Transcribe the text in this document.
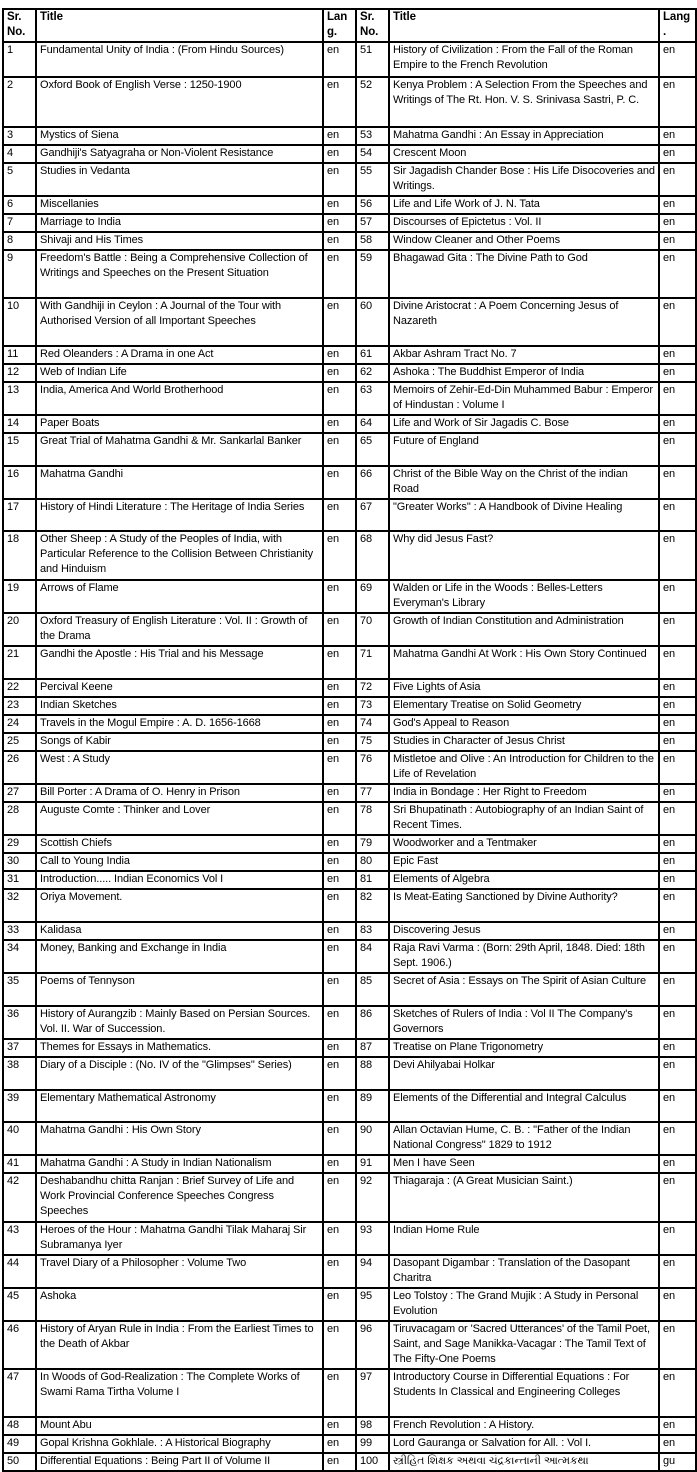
Sr. No.	Title	Lang.	Sr. No.	Title	Lang.
1	Fundamental Unity of India : (From Hindu Sources)	en	51	History of Civilization : From the Fall of the Roman Empire to the French Revolution	en
2	Oxford Book of English Verse : 1250-1900	en	52	Kenya Problem : A Selection From the Speeches and Writings of The Rt. Hon. V. S. Srinivasa Sastri, P. C.	en
3	Mystics of Siena	en	53	Mahatma Gandhi : An Essay in Appreciation	en
4	Gandhiji's Satyagraha or Non-Violent Resistance	en	54	Crescent Moon	en
5	Studies in Vedanta	en	55	Sir Jagadish Chander Bose : His Life Disocoveries and Writings.	en
6	Miscellanies	en	56	Life and Life Work of J. N. Tata	en
7	Marriage to India	en	57	Discourses of Epictetus : Vol. II	en
8	Shivaji and His Times	en	58	Window Cleaner and Other Poems	en
9	Freedom's Battle : Being a Comprehensive Collection of Writings and Speeches on the Present Situation	en	59	Bhagawad Gita : The Divine Path to God	en
10	With Gandhiji in Ceylon : A Journal of the Tour with Authorised Version of all Important Speeches	en	60	Divine Aristocrat : A Poem Concerning Jesus of Nazareth	en
11	Red Oleanders : A Drama in one Act	en	61	Akbar Ashram Tract No. 7	en
12	Web of Indian Life	en	62	Ashoka : The Buddhist Emperor of India	en
13	India, America And World Brotherhood	en	63	Memoirs of Zehir-Ed-Din Muhammed Babur : Emperor of Hindustan : Volume I	en
14	Paper Boats	en	64	Life and Work of Sir Jagadis C. Bose	en
15	Great Trial of Mahatma Gandhi & Mr. Sankarlal Banker	en	65	Future of England	en
16	Mahatma Gandhi	en	66	Christ of the Bible Way on the Christ of the indian Road	en
17	History of Hindi Literature : The Heritage of India Series	en	67	"Greater Works" : A Handbook of Divine Healing	en
18	Other Sheep : A Study of the Peoples of India, with Particular Reference to the Collision Between Christianity and Hinduism	en	68	Why did Jesus Fast?	en
19	Arrows of Flame	en	69	Walden or Life in the Woods : Belles-Letters Everyman's Library	en
20	Oxford Treasury of English Literature : Vol. II : Growth of the Drama	en	70	Growth of Indian Constitution and Administration	en
21	Gandhi the Apostle : His Trial and his Message	en	71	Mahatma Gandhi At Work : His Own Story Continued	en
22	Percival Keene	en	72	Five Lights of Asia	en
23	Indian Sketches	en	73	Elementary Treatise on Solid Geometry	en
24	Travels in the Mogul Empire : A. D. 1656-1668	en	74	God's Appeal to Reason	en
25	Songs of Kabir	en	75	Studies in Character of Jesus Christ	en
26	West : A Study	en	76	Mistletoe and Olive : An Introduction for Children to the Life of Revelation	en
27	Bill Porter : A Drama of O. Henry in Prison	en	77	India in Bondage : Her Right to Freedom	en
28	Auguste Comte : Thinker and Lover	en	78	Sri Bhupatinath : Autobiography of an Indian Saint of Recent Times.	en
29	Scottish Chiefs	en	79	Woodworker and a Tentmaker	en
30	Call to Young India	en	80	Epic Fast	en
31	Introduction..... Indian Economics Vol I	en	81	Elements of Algebra	en
32	Oriya Movement.	en	82	Is Meat-Eating Sanctioned by Divine Authority?	en
33	Kalidasa	en	83	Discovering Jesus	en
34	Money, Banking and Exchange in India	en	84	Raja Ravi Varma : (Born: 29th April, 1848. Died: 18th Sept. 1906.)	en
35	Poems of Tennyson	en	85	Secret of Asia : Essays on The Spirit of Asian Culture	en
36	History of Aurangzib : Mainly Based on Persian Sources. Vol. II. War of Succession.	en	86	Sketches of Rulers of India : Vol II The Company's Governors	en
37	Themes for Essays in Mathematics.	en	87	Treatise on Plane Trigonometry	en
38	Diary of a Disciple : (No. IV of the "Glimpses" Series)	en	88	Devi Ahilyabai Holkar	en
39	Elementary Mathematical Astronomy	en	89	Elements of the Differential and Integral Calculus	en
40	Mahatma Gandhi : His Own Story	en	90	Allan Octavian Hume, C. B. : "Father of the Indian National Congress" 1829 to 1912	en
41	Mahatma Gandhi : A Study in Indian Nationalism	en	91	Men I have Seen	en
42	Deshabandhu chitta Ranjan : Brief Survey of Life and Work Provincial Conference Speeches Congress Speeches	en	92	Thiagaraja : (A Great Musician Saint.)	en
43	Heroes of the Hour : Mahatma Gandhi Tilak Maharaj Sir Subramanya Iyer	en	93	Indian Home Rule	en
44	Travel Diary of a Philosopher : Volume Two	en	94	Dasopant Digambar : Translation of the Dasopant Charitra	en
45	Ashoka	en	95	Leo Tolstoy : The Grand Mujik : A Study in Personal Evolution	en
46	History of Aryan Rule in India : From the Earliest Times to the Death of Akbar	en	96	Tiruvacagam or 'Sacred Utterances' of the Tamil Poet, Saint, and Sage Manikka-Vacagar : The Tamil Text of The Fifty-One Poems	en
47	In Woods of God-Realization : The Complete Works of Swami Rama Tirtha Volume I	en	97	Introductory Course in Differential Equations : For Students In Classical and Engineering Colleges	en
48	Mount Abu	en	98	French Revolution : A History.	en
49	Gopal Krishna Gokhlale. : A Historical Biography	en	99	Lord Gauranga or Salvation for All. : Vol I.	en
50	Differential Equations : Being Part II of Volume II	en	100	સ્ત્રીહિત શિક્ષક અથવા ચંદ્રકાન્તાની આત્મકથા	gu
